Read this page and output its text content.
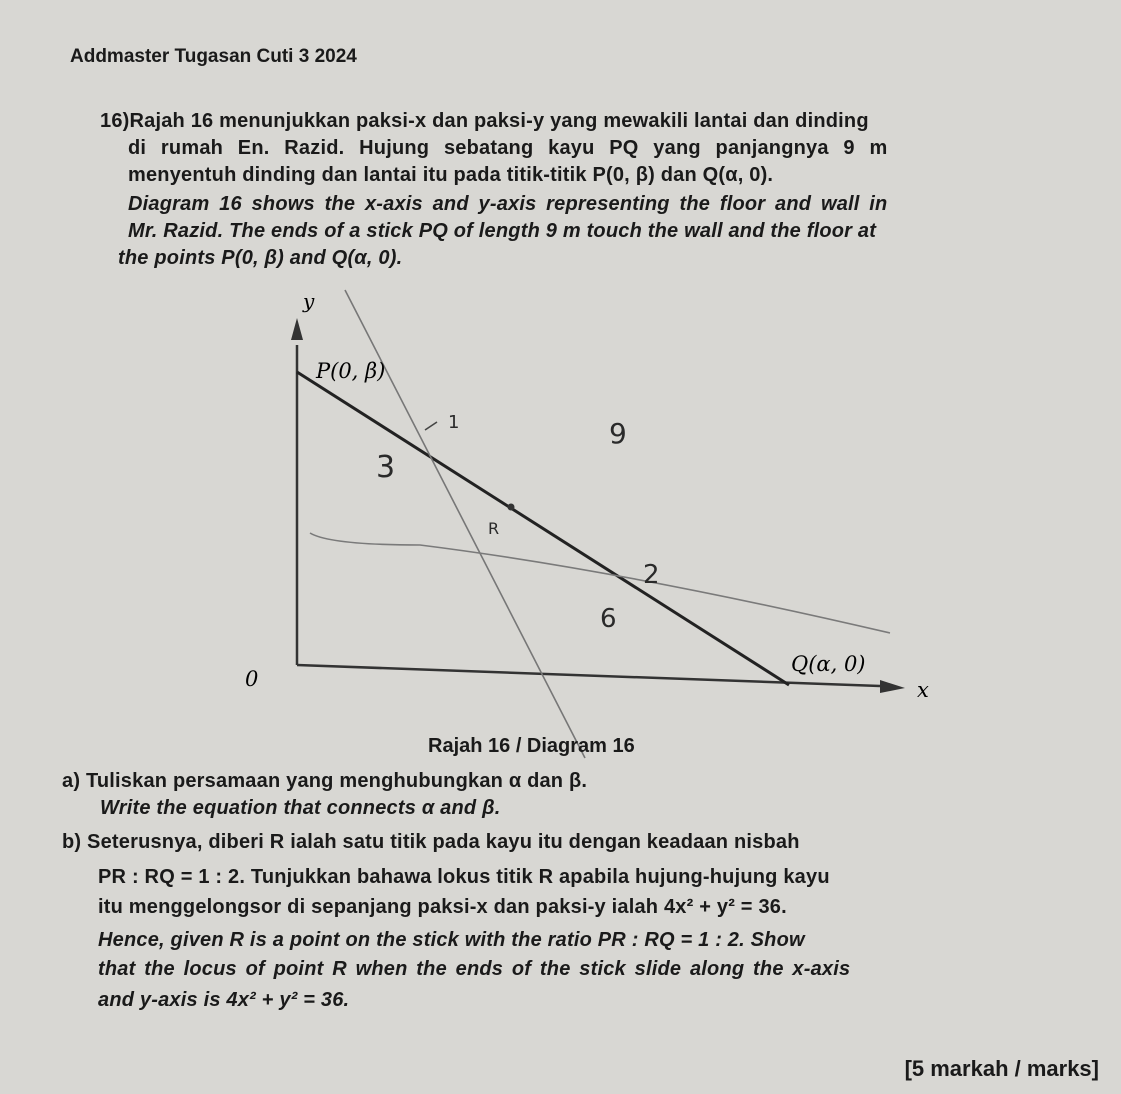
Addmaster Tugasan Cuti 3 2024

16)Rajah 16 menunjukkan paksi-x dan paksi-y yang mewakili lantai dan dinding

di rumah En. Razid. Hujung sebatang kayu PQ yang panjangnya 9 m

menyentuh dinding dan lantai itu pada titik-titik P(0, β) dan Q(α, 0).

Diagram 16 shows the x-axis and y-axis representing the floor and wall in

Mr. Razid. The ends of a stick PQ of length 9 m touch the wall and the floor at

the points P(0, β) and Q(α, 0).

y
P(0, β)
0
Q(α, 0)
x
9
3
6
1
2
R

Rajah 16 / Diagram 16

a) Tuliskan persamaan yang menghubungkan α dan β.

Write the equation that connects α and β.

b) Seterusnya, diberi R ialah satu titik pada kayu itu dengan keadaan nisbah

PR : RQ = 1 : 2. Tunjukkan bahawa lokus titik R apabila hujung-hujung kayu

itu menggelongsor di sepanjang paksi-x dan paksi-y ialah 4x² + y² = 36.

Hence, given R is a point on the stick with the ratio PR : RQ = 1 : 2. Show

that the locus of point R when the ends of the stick slide along the x-axis

and y-axis is 4x² + y² = 36.

[5 markah / marks]
